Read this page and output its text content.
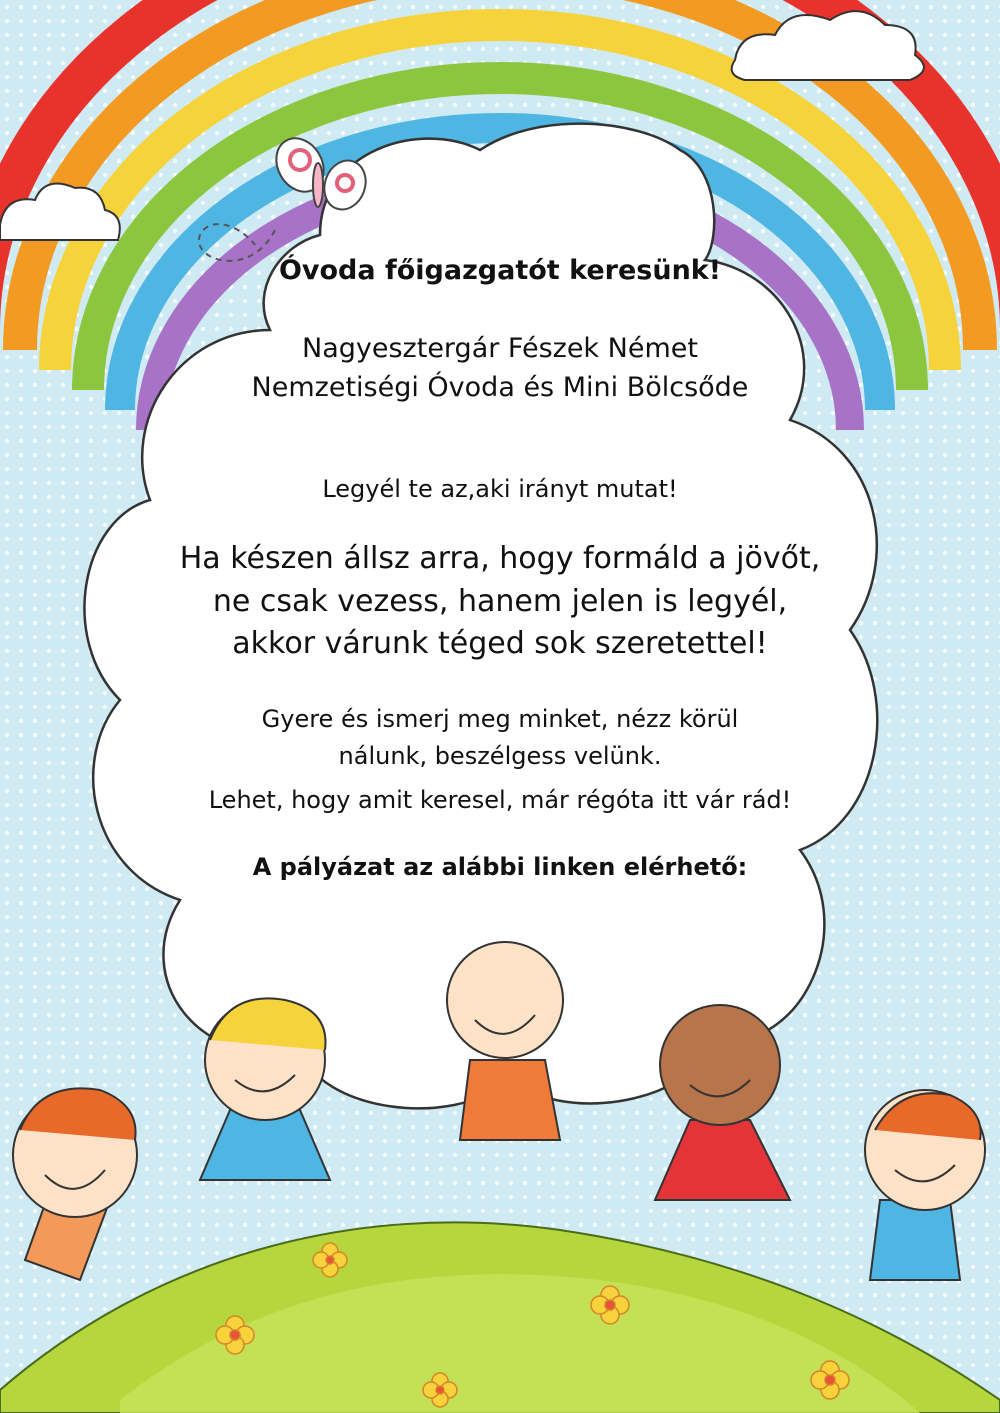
Óvoda főigazgatót keresünk!

Nagyesztergár Fészek Német

Nemzetiségi Óvoda és Mini Bölcsőde

Legyél te az,aki irányt mutat!

Ha készen állsz arra, hogy formáld a jövőt,

ne csak vezess, hanem jelen is legyél,

akkor várunk téged sok szeretettel!

Gyere és ismerj meg minket, nézz körül

nálunk, beszélgess velünk.

Lehet, hogy amit keresel, már régóta itt vár rád!

A pályázat az alábbi linken elérhető:
